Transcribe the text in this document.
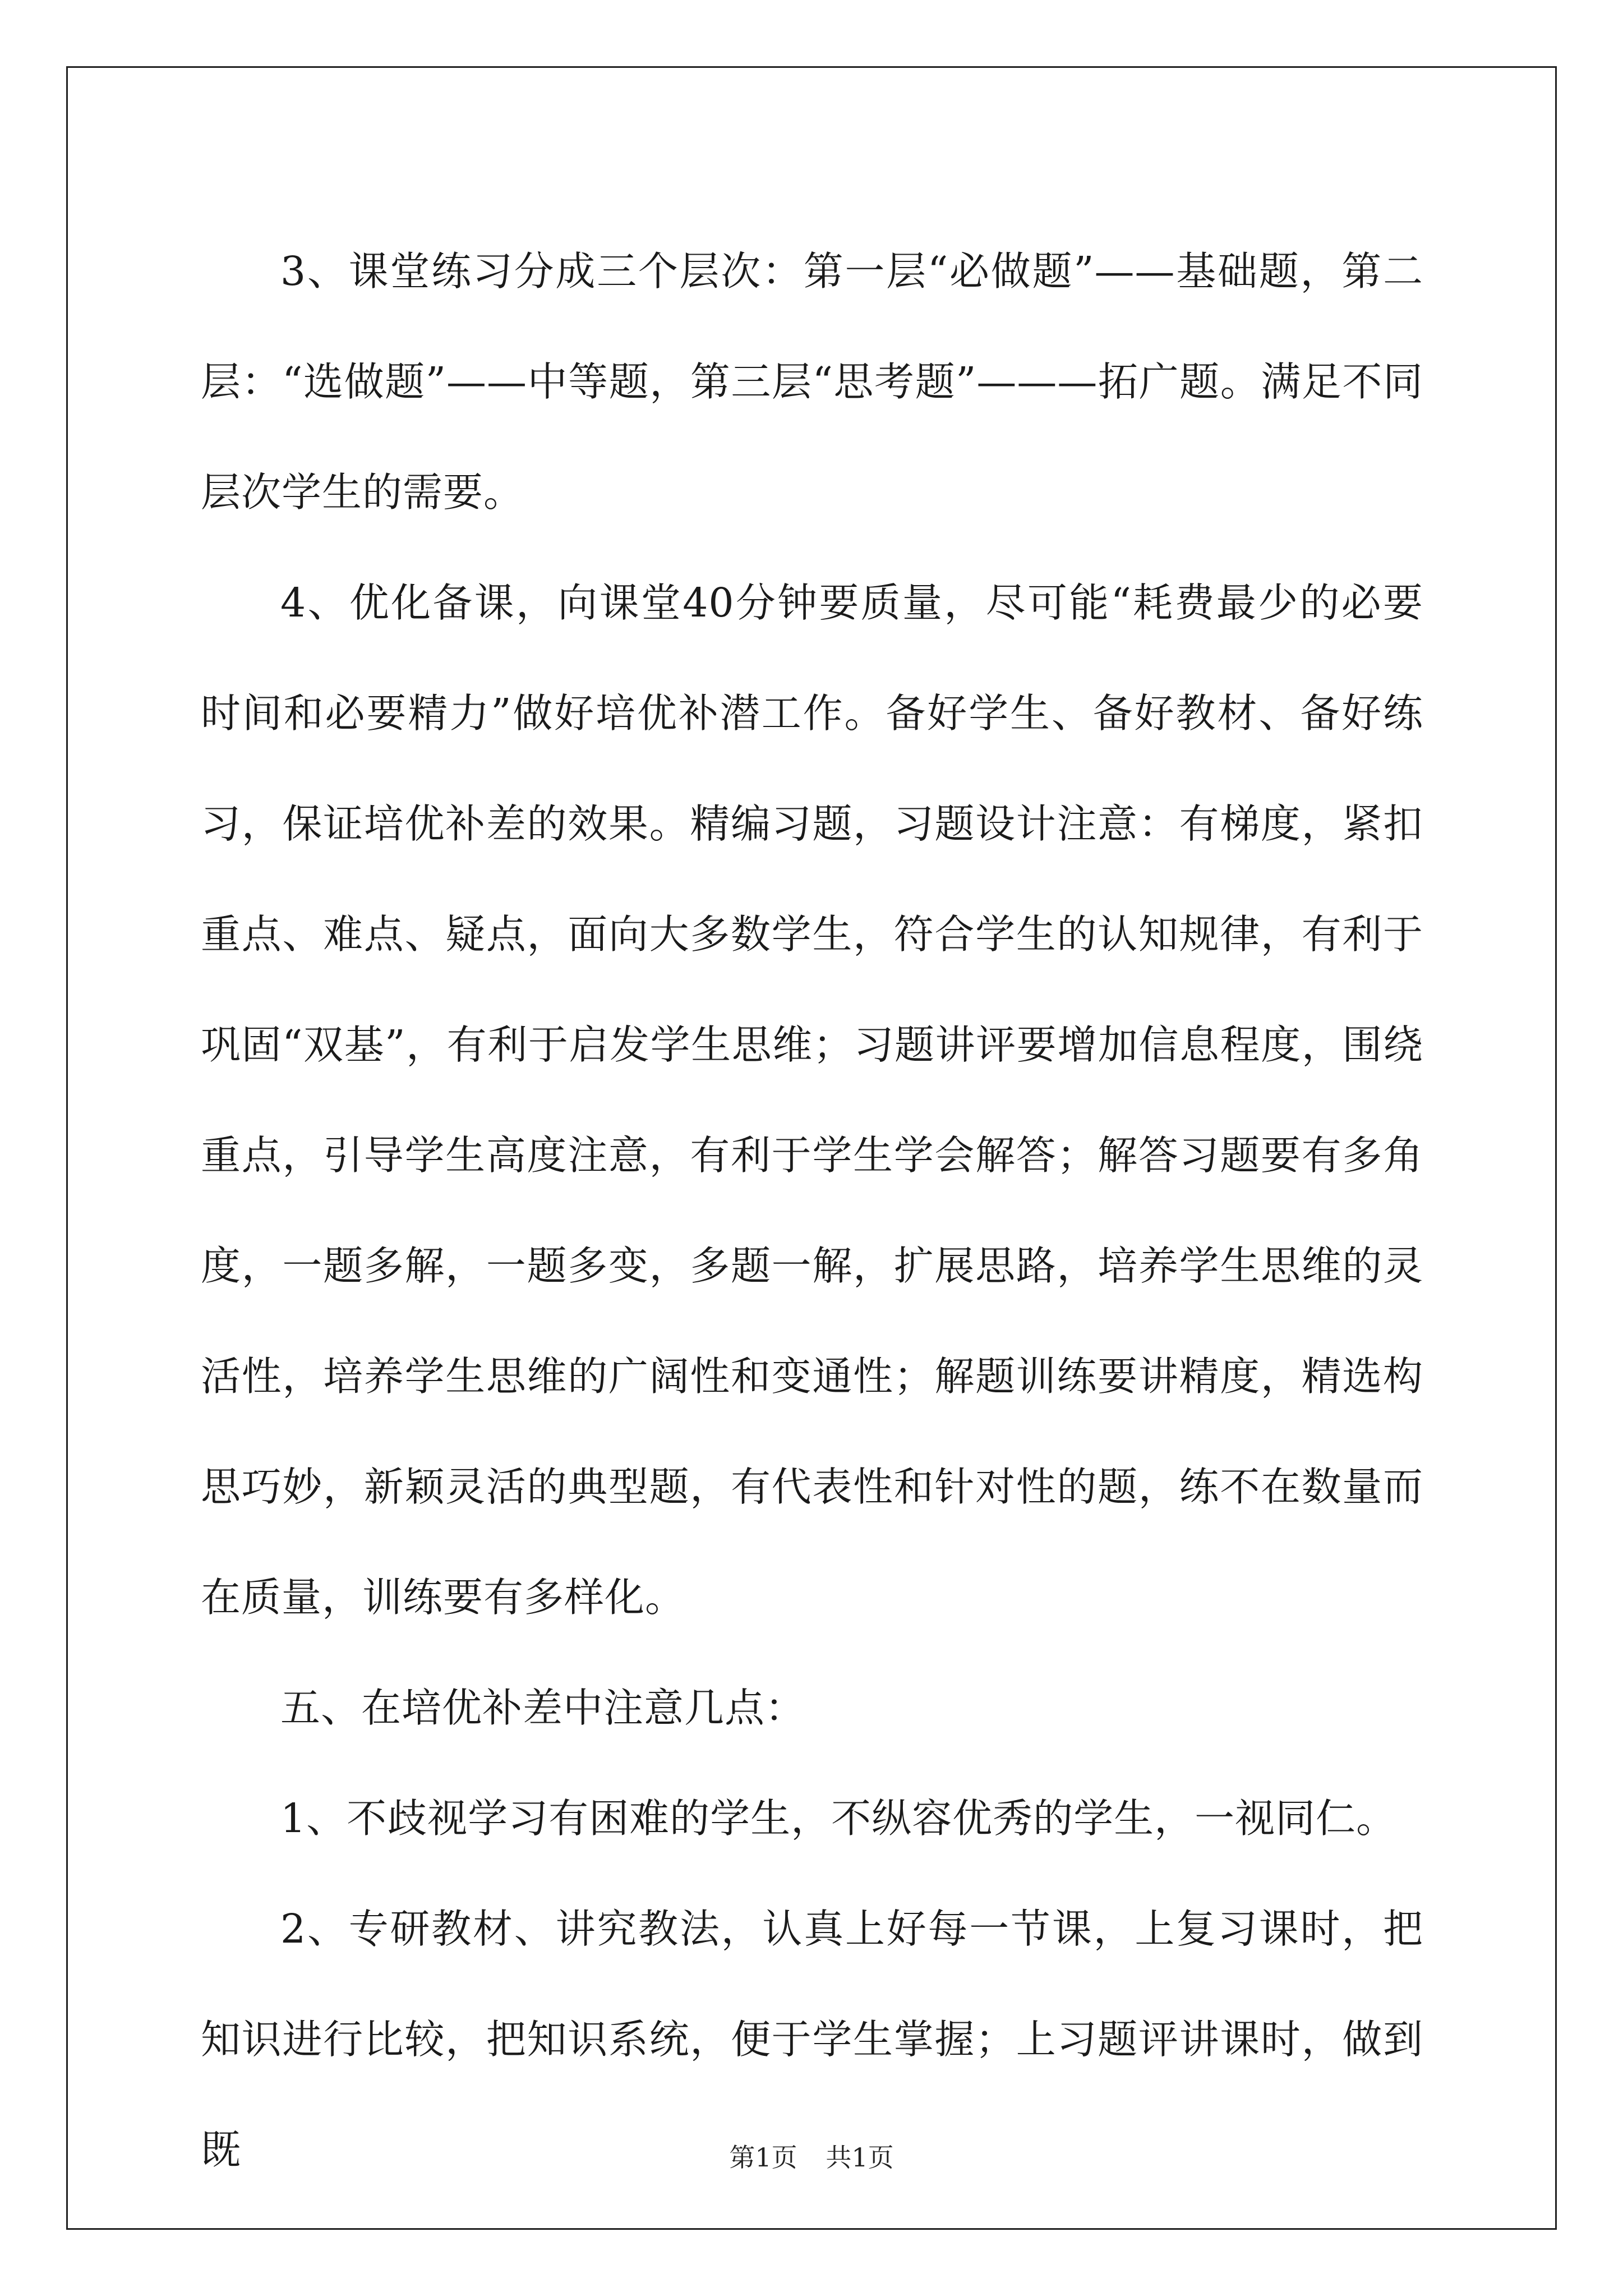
3、课堂练习分成三个层次：第一层“必做题”——基础题，第二层：“选做题”——中等题，第三层“思考题”———拓广题。满足不同层次学生的需要。

4、优化备课，向课堂40分钟要质量，尽可能“耗费最少的必要时间和必要精力”做好培优补潜工作。备好学生、备好教材、备好练习，保证培优补差的效果。精编习题，习题设计注意：有梯度，紧扣重点、难点、疑点，面向大多数学生，符合学生的认知规律，有利于巩固“双基”，有利于启发学生思维；习题讲评要增加信息程度，围绕重点，引导学生高度注意，有利于学生学会解答；解答习题要有多角度，一题多解，一题多变，多题一解，扩展思路，培养学生思维的灵活性，培养学生思维的广阔性和变通性；解题训练要讲精度，精选构思巧妙，新颖灵活的典型题，有代表性和针对性的题，练不在数量而在质量，训练要有多样化。

五、在培优补差中注意几点：

1、不歧视学习有困难的学生，不纵容优秀的学生，一视同仁。

2、专研教材、讲究教法，认真上好每一节课，上复习课时，把知识进行比较，把知识系统，便于学生掌握；上习题评讲课时，做到既	第1页 共1页
